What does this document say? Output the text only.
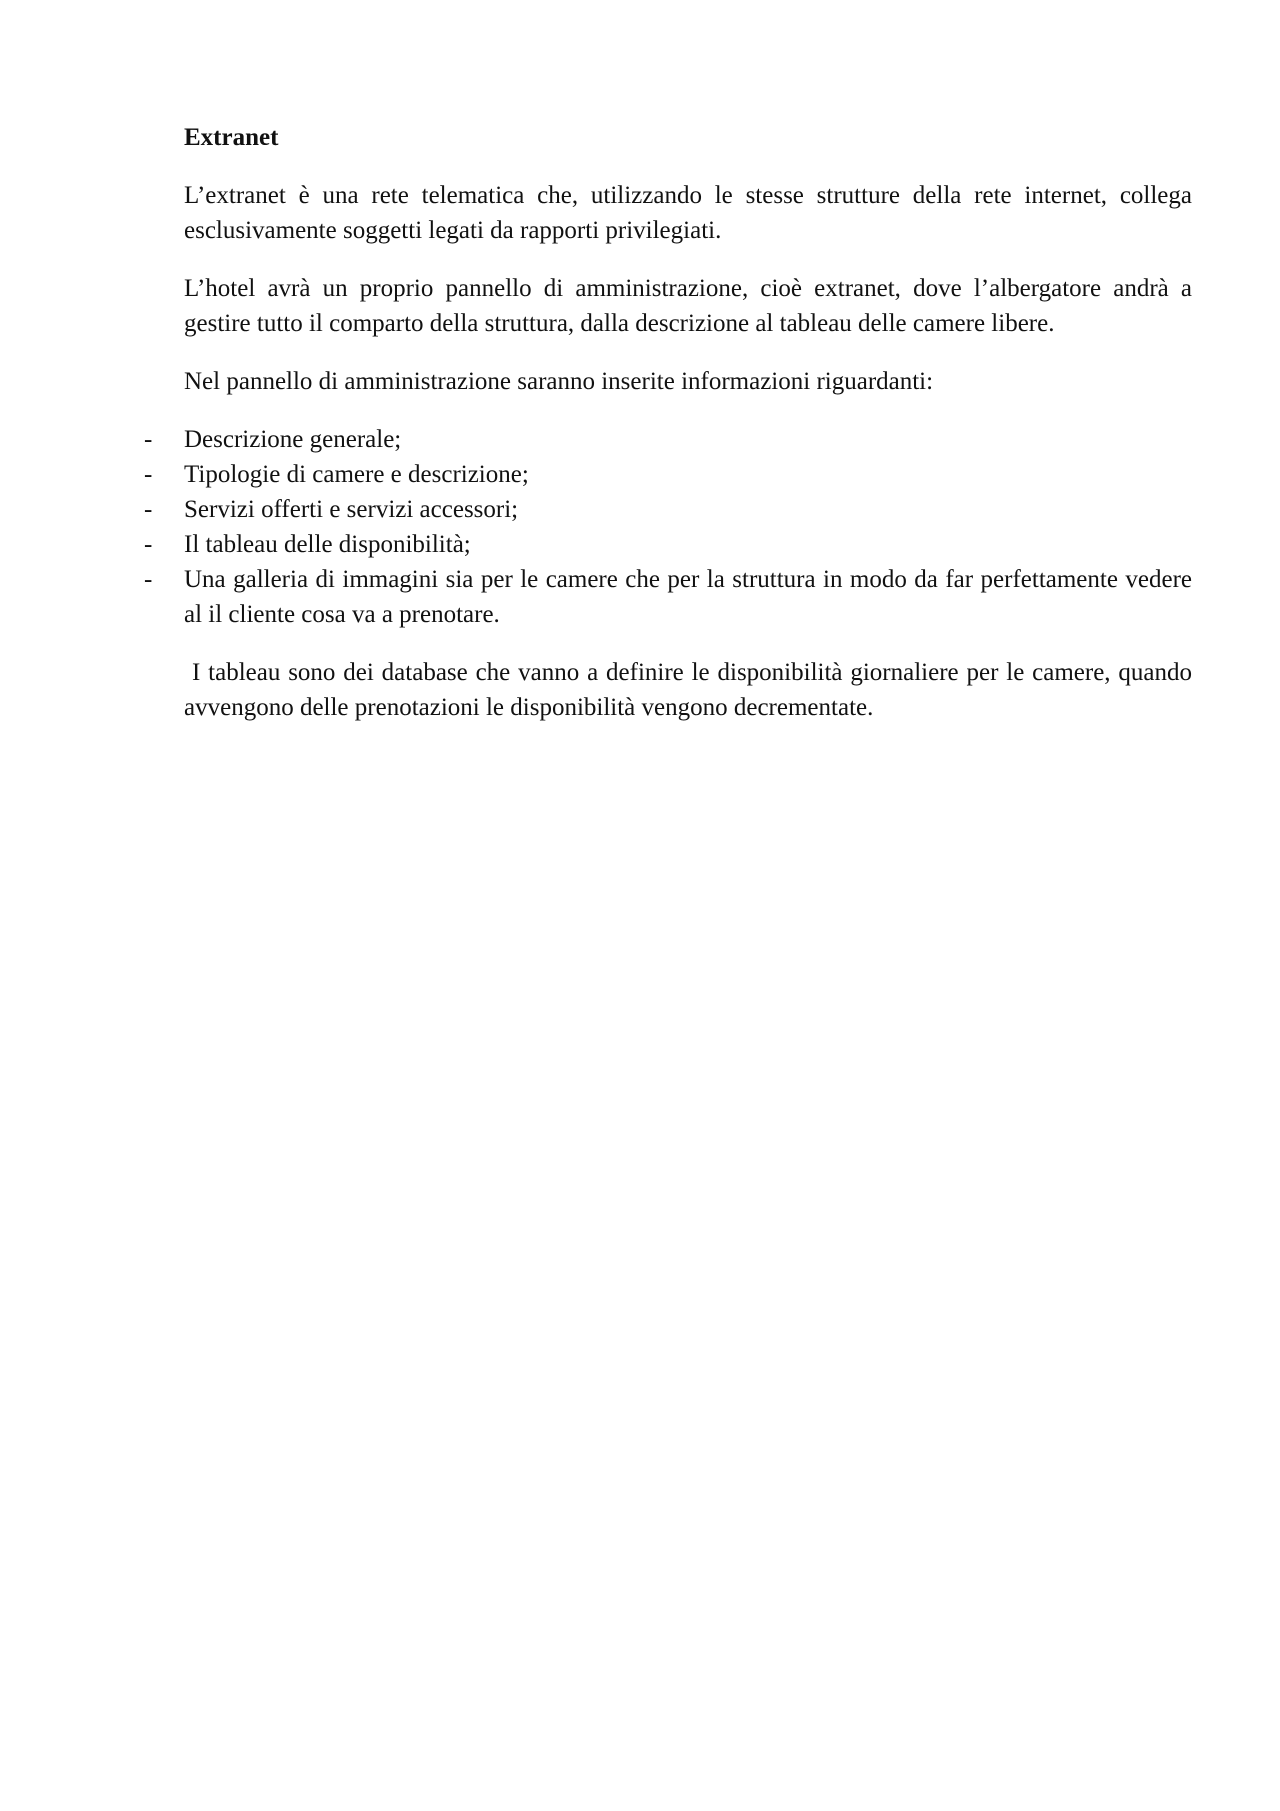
Extranet

L’extranet è una rete telematica che, utilizzando le stesse strutture della rete internet, collega esclusivamente soggetti legati da rapporti privilegiati.

L’hotel avrà un proprio pannello di amministrazione, cioè extranet, dove l’albergatore andrà a gestire tutto il comparto della struttura, dalla descrizione al tableau delle camere libere.

Nel pannello di amministrazione saranno inserite informazioni riguardanti:

- Descrizione generale;
- Tipologie di camere e descrizione;
- Servizi offerti e servizi accessori;
- Il tableau delle disponibilità;
- Una galleria di immagini sia per le camere che per la struttura in modo da far perfettamente vedere al il cliente cosa va a prenotare.

I tableau sono dei database che vanno a definire le disponibilità giornaliere per le camere, quando avvengono delle prenotazioni le disponibilità vengono decrementate.
